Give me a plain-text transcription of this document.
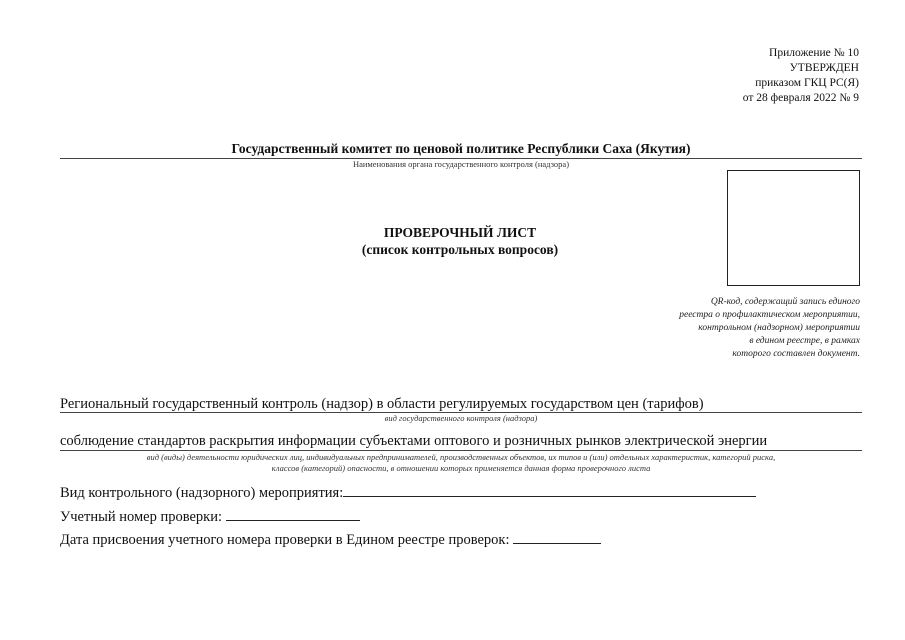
Приложение № 10
УТВЕРЖДЕН
приказом ГКЦ РС(Я)
от 28 февраля 2022 № 9
Государственный комитет по ценовой политике Республики Саха (Якутия)
Наименования органа государственного контроля (надзора)
ПРОВЕРОЧНЫЙ ЛИСТ
(список контрольных вопросов)
QR-код, содержащий запись единого
реестра о профилактическом мероприятии,
контрольном (надзорном) мероприятии
в едином реестре, в рамках
которого составлен документ.
Региональный государственный контроль (надзор) в области регулируемых государством цен (тарифов)
вид государственного контроля (надзора)
соблюдение стандартов раскрытия информации субъектами оптового и розничных рынков электрической энергии
вид (виды) деятельности юридических лиц, индивидуальных предпринимателей, производственных объектов, их типов и (или) отдельных характеристик, категорий риска,
классов (категорий) опасности, в отношении которых применяется данная форма проверочного листа
Вид контрольного (надзорного) мероприятия:
Учетный номер проверки:
Дата присвоения учетного номера проверки в Едином реестре проверок:
